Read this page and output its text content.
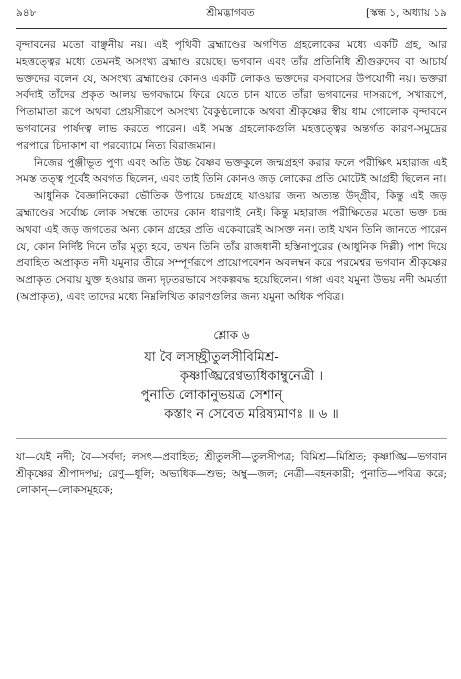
৯৪৮	শ্রীমদ্ভাগবত	[স্কন্ধ ১, অধ্যায় ১৯

বৃন্দাবনের মতো বাঞ্ছনীয় নয়। এই পৃথিবী ব্রহ্মাণ্ডের অগণিত গ্রহলোকের মধ্যে একটি গ্রহ, আর মহত্তত্ত্বের মধ্যে তেমনই অসংখ্য ব্রহ্মাণ্ড রয়েছে। ভগবান এবং তাঁর প্রতিনিধি শ্রীগুরুদেব বা আচার্য ভক্তদের বলেন যে, অসংখ্য ব্রহ্মাণ্ডের কোনও একটি লোকও ভক্তদের বসবাসের উপযোগী নয়। ভক্তরা সর্বদাই তাঁদের প্রকৃত আলয় ভগবদ্ধামে ফিরে যেতে চান যাতে তাঁরা ভগবানের দাসরূপে, সখারূপে, পিতামাতা রূপে অথবা প্রেয়সীরূপে অসংখ্য বৈকুণ্ঠলোকে অথবা শ্রীকৃষ্ণের স্বীয় ধাম গোলোক বৃন্দাবনে ভগবানের পার্ষদত্ব লাভ করতে পারেন। এই সমস্ত গ্রহলোকগুলি মহত্তত্ত্বের অন্তর্গত কারণ-সমুদ্রের পরপারে চিদাকাশ বা পরব্যোমে নিত্য বিরাজমান।

নিজের পুঞ্জীভূত পুণ্য এবং অতি উচ্চ বৈষ্ণব ভক্তকুলে জন্মগ্রহণ করার ফলে পরীক্ষিৎ মহারাজ এই সমস্ত তত্ত্ব পূর্বেই অবগত ছিলেন, এবং তাই তিনি কোনও জড় লোকের প্রতি মোটেই আগ্রহী ছিলেন না।

আধুনিক বৈজ্ঞানিকেরা ভৌতিক উপায়ে চন্দ্রগ্রহে যাওয়ার জন্য অত্যন্ত উদ্গ্রীব, কিন্তু এই জড় ব্রহ্মাণ্ডের সর্বোচ্চ লোক সম্বন্ধে তাদের কোন ধারণাই নেই। কিন্তু মহারাজ পরীক্ষিতের মতো ভক্ত চন্দ্র অথবা এই জড় জগতের অন্য কোন গ্রহের প্রতি একেবারেই আসক্ত নন। তাই যখন তিনি জানতে পারেন যে, কোন নির্দিষ্ট দিনে তাঁর মৃত্যু হবে, তখন তিনি তাঁর রাজধানী হস্তিনাপুরের (আধুনিক দিল্লী) পাশ দিয়ে প্রবাহিত অপ্রাকৃত নদী যমুনার তীরে সম্পূর্ণরূপে প্রায়োপবেশন অবলম্বন করে পরমেশ্বর ভগবান শ্রীকৃষ্ণের অপ্রাকৃত সেবায় যুক্ত হওয়ার জন্য দৃঢ়তরভাবে সংকল্পবদ্ধ হয়েছিলেন। গঙ্গা এবং যমুনা উভয় নদী অমর্ত্যা (অপ্রাকৃত), এবং তাদের মধ্যে নিম্নলিখিত কারণগুলির জন্য যমুনা অধিক পবিত্র।

শ্লোক ৬
যা বৈ লসচ্ছ্রীতুলসীবিমিশ্র-
কৃষ্ণাঙ্ঘ্রিরেণ্বভ্যধিকাম্বুনেত্রী ।
পুনাতি লোকানুভয়ত্র সেশান্
কস্তাং ন সেবেত মরিষ্যমাণঃ ॥ ৬ ॥

যা—যেই নদী; বৈ—সর্বদা; লসৎ—প্রবাহিত; শ্রীতুলসী—তুলসীপত্র; বিমিশ্র—মিশ্রিত; কৃষ্ণাঙ্ঘ্রি—ভগবান শ্রীকৃষ্ণের শ্রীপাদপদ্ম; রেণু—ধূলি; অভ্যধিক—শুভ; অম্বু—জল; নেত্রী—বহনকারী; পুনাতি—পবিত্র করে; লোকান্—লোকসমূহকে;
